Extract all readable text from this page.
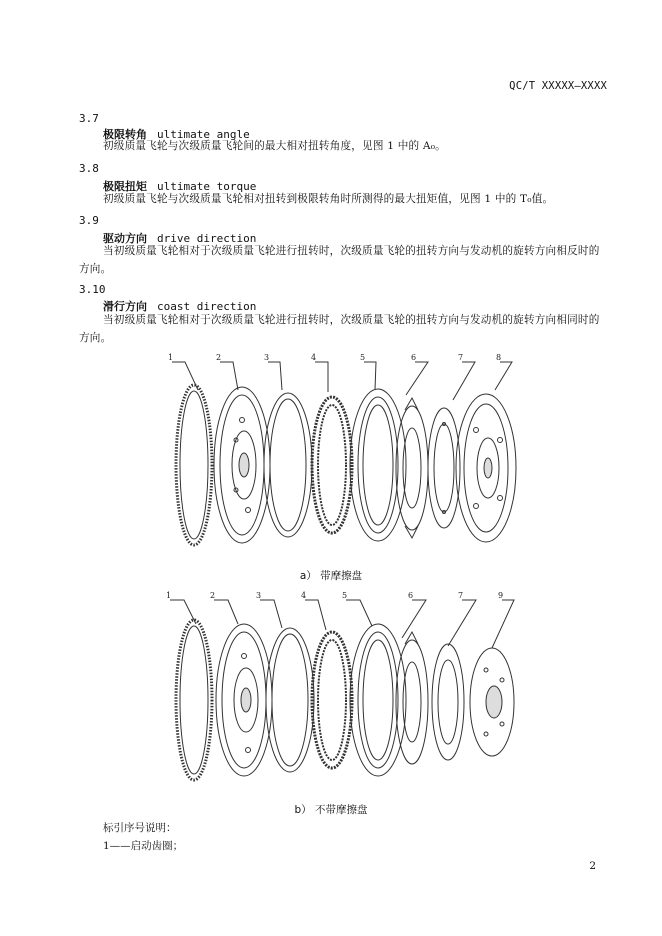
QC/T XXXXX—XXXX
3.7
极限转角 ultimate angle
初级质量飞轮与次级质量飞轮间的最大相对扭转角度，见图 1 中的 A₀。
3.8
极限扭矩 ultimate torque
初级质量飞轮与次级质量飞轮相对扭转到极限转角时所测得的最大扭矩值，见图 1 中的 T₀值。
3.9
驱动方向 drive direction
当初级质量飞轮相对于次级质量飞轮进行扭转时，次级质量飞轮的扭转方向与发动机的旋转方向相反时的方向。
3.10
滑行方向 coast direction
当初级质量飞轮相对于次级质量飞轮进行扭转时，次级质量飞轮的扭转方向与发动机的旋转方向相同时的方向。
1	2	3	4	5	6	7	8
a） 带摩擦盘
1	2	3	4	5	6	7	9
b） 不带摩擦盘
标引序号说明：
1——启动齿圈；
2
